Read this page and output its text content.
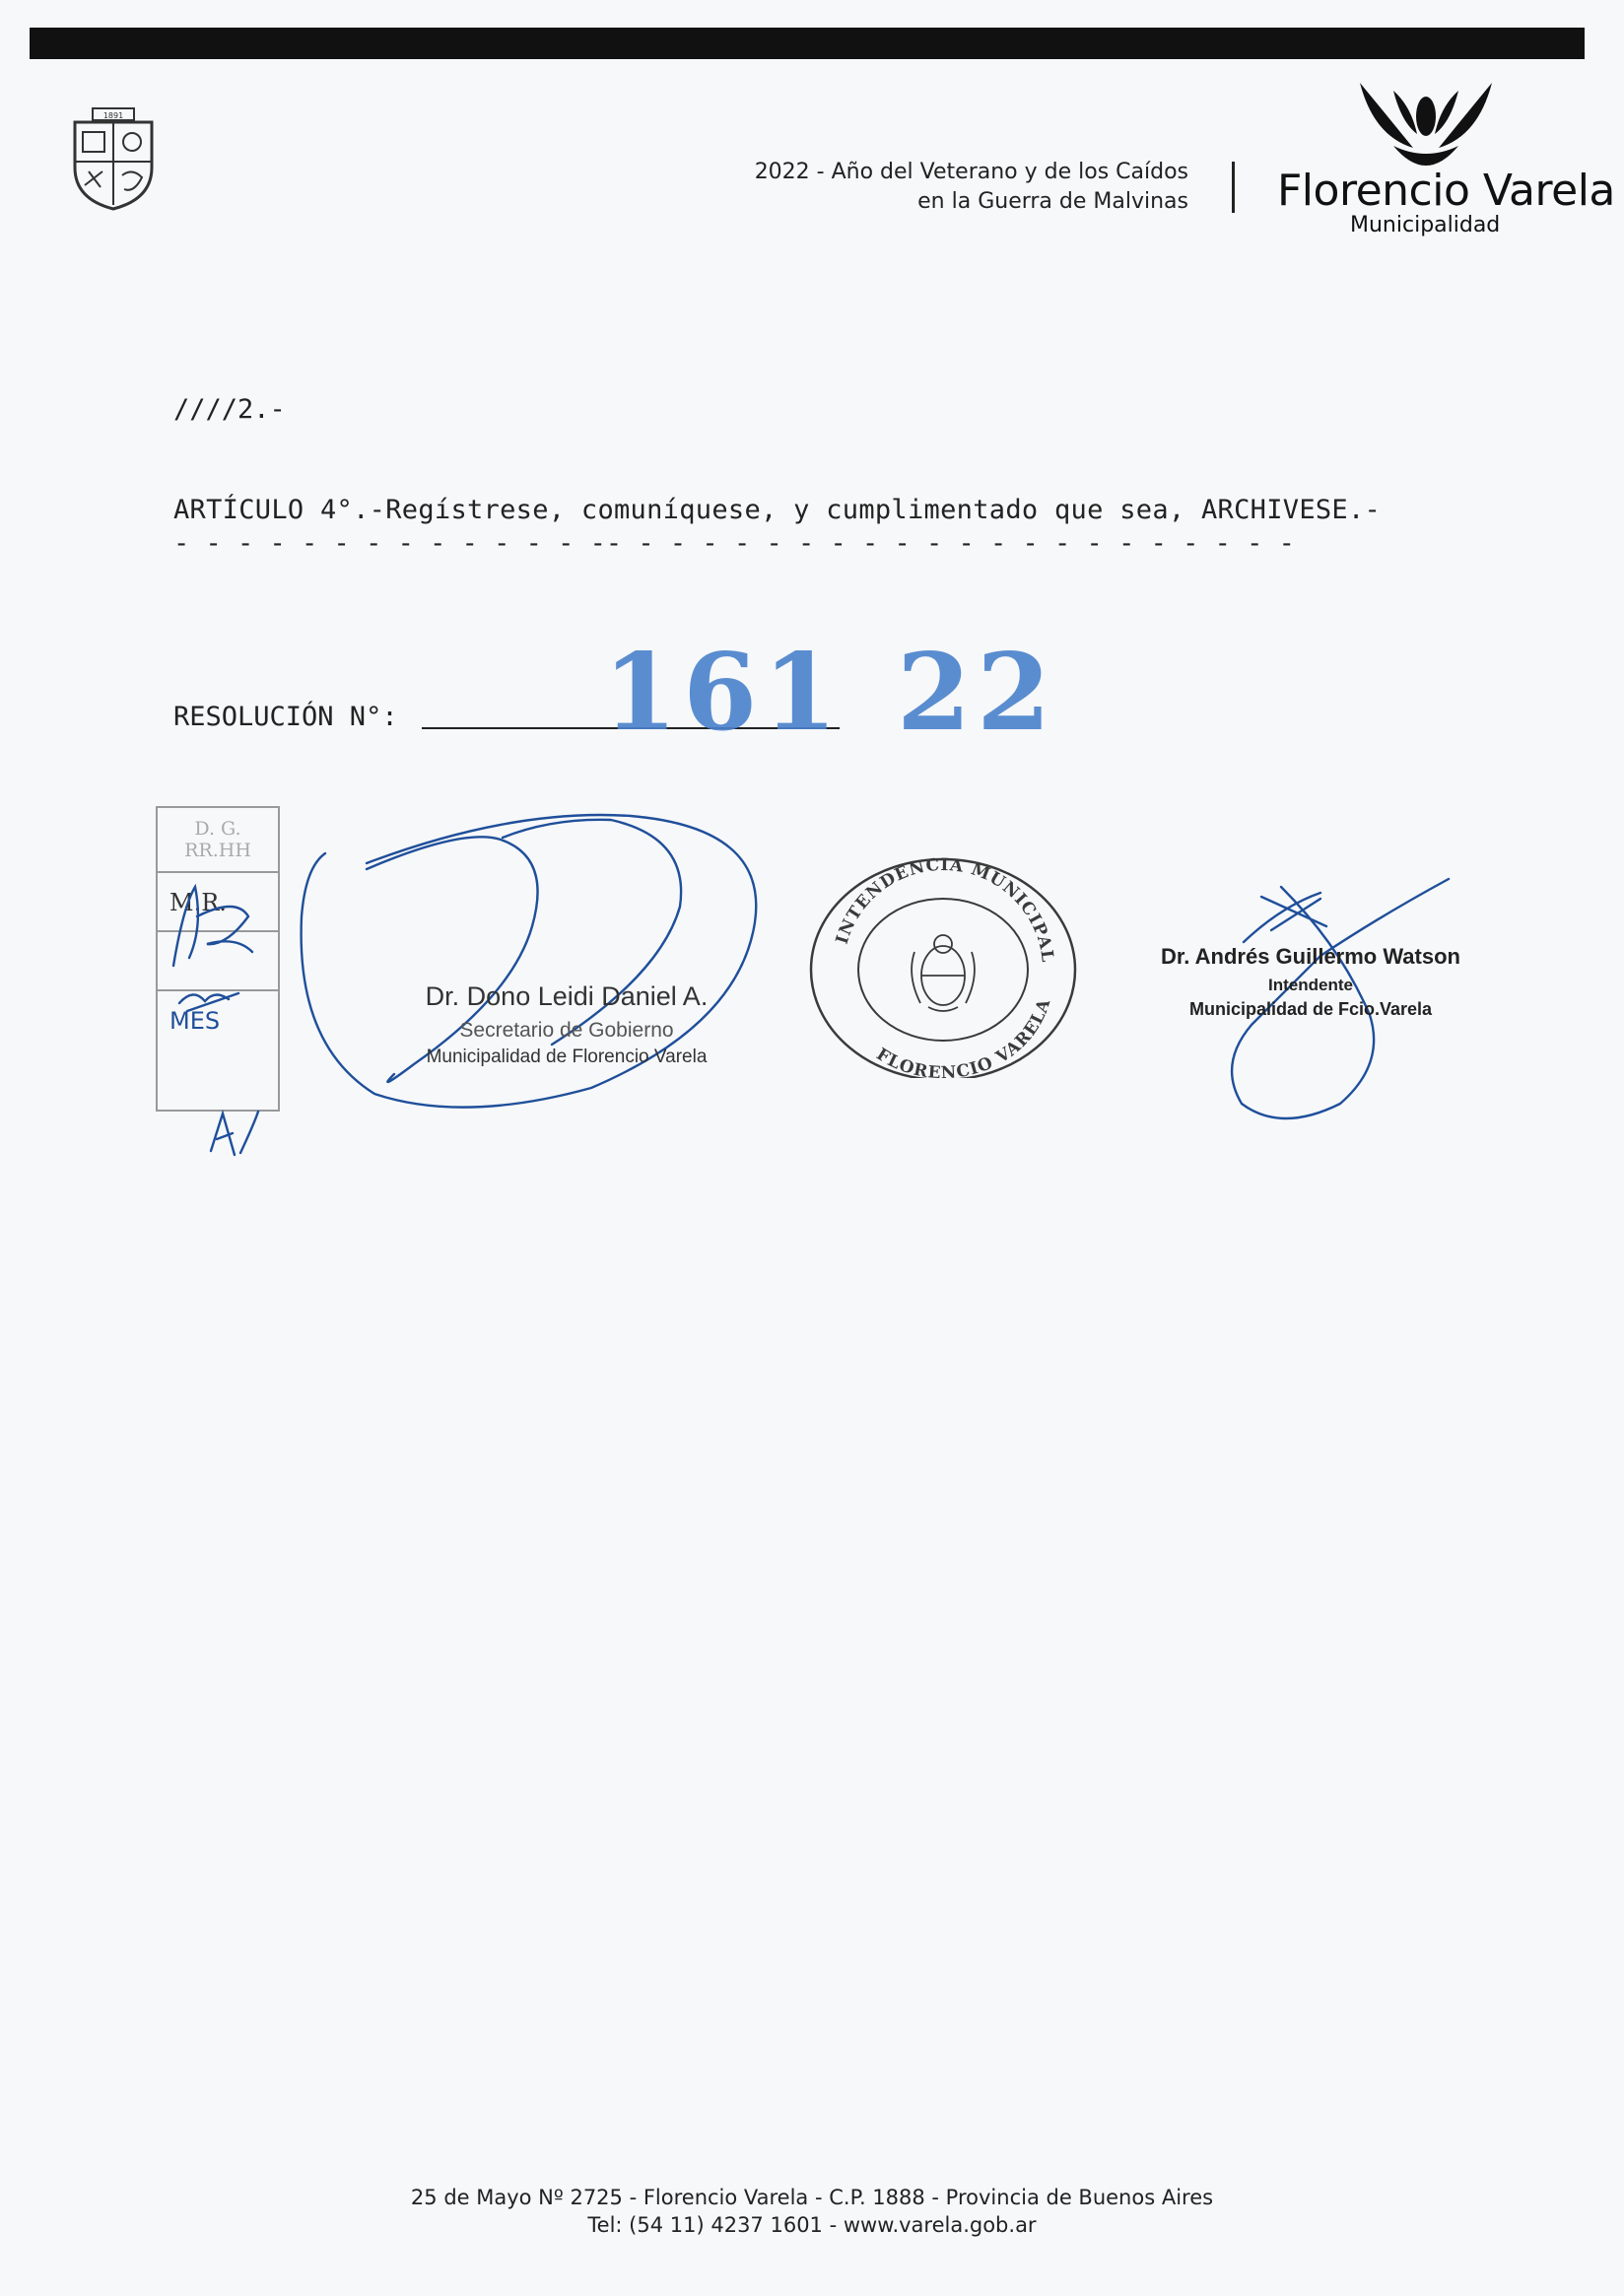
1891
2022 - Año del Veterano y de los Caídos
en la Guerra de Malvinas Florencio Varela
Municipalidad
////2.-
ARTÍCULO 4°.-Regístrese, comuníquese, y cumplimentado que sea, ARCHIVESE.-
- - - - - - - - - - - - - -- - - - - - - - - - - - - - - - - - - - - -
RESOLUCIÓN N°: 161 22
D. G.
RR.HH
M.R.
MES
Dr. Dono Leidi Daniel A.
Secretario de Gobierno
Municipalidad de Florencio Varela
INTENDENCIA MUNICIPAL
FLORENCIO VARELA
Dr. Andrés Guillermo Watson
Intendente
Municipalidad de Fcio.Varela
25 de Mayo Nº 2725 - Florencio Varela - C.P. 1888 - Provincia de Buenos Aires
Tel: (54 11) 4237 1601 - www.varela.gob.ar
